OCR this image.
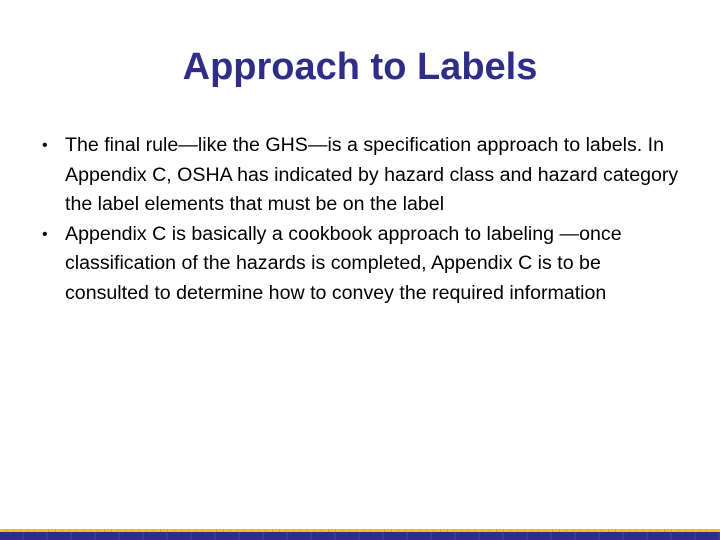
Approach to Labels
• The final rule—like the GHS—is a specification approach to labels. In Appendix C, OSHA has indicated by hazard class and hazard category the label elements that must be on the label
• Appendix C is basically a cookbook approach to labeling —once classification of the hazards is completed, Appendix C is to be consulted to determine how to convey the required information
